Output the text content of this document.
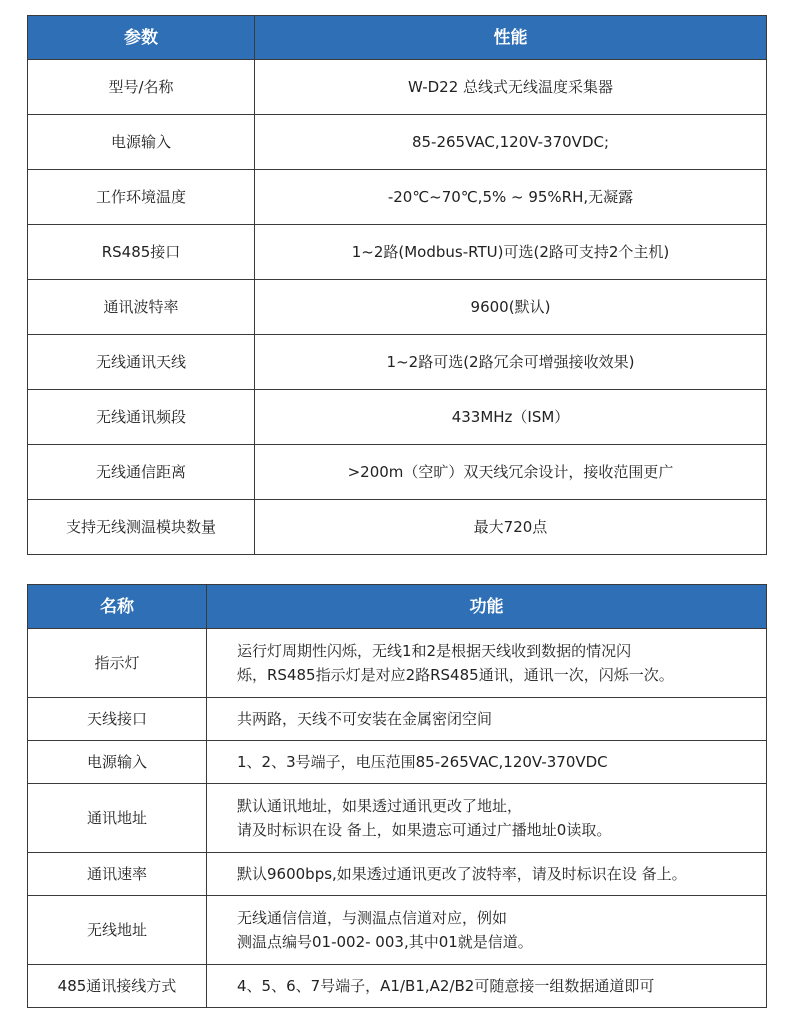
参数	性能
型号/名称	W-D22 总线式无线温度采集器
电源输入	85-265VAC,120V-370VDC;
工作环境温度	-20℃~70℃,5% ~ 95%RH,无凝露
RS485接口	1~2路(Modbus-RTU)可选(2路可支持2个主机)
通讯波特率	9600(默认)
无线通讯天线	1~2路可选(2路冗余可增强接收效果)
无线通讯频段	433MHz（ISM）
无线通信距离	>200m（空旷）双天线冗余设计，接收范围更广
支持无线测温模块数量	最大720点
名称	功能
指示灯	运行灯周期性闪烁，无线1和2是根据天线收到数据的情况闪
烁，RS485指示灯是对应2路RS485通讯，通讯一次，闪烁一次。

天线接口	共两路，天线不可安装在金属密闭空间

电源输入	1、2、3号端子，电压范围85-265VAC,120V-370VDC

通讯地址	默认通讯地址，如果透过通讯更改了地址，
请及时标识在设 备上，如果遗忘可通过广播地址0读取。

通讯速率	默认9600bps,如果透过通讯更改了波特率，请及时标识在设 备上。

无线地址	无线通信信道，与测温点信道对应，例如
测温点编号01-002- 003,其中01就是信道。

485通讯接线方式	4、5、6、7号端子，A1/B1,A2/B2可随意接一组数据通道即可
